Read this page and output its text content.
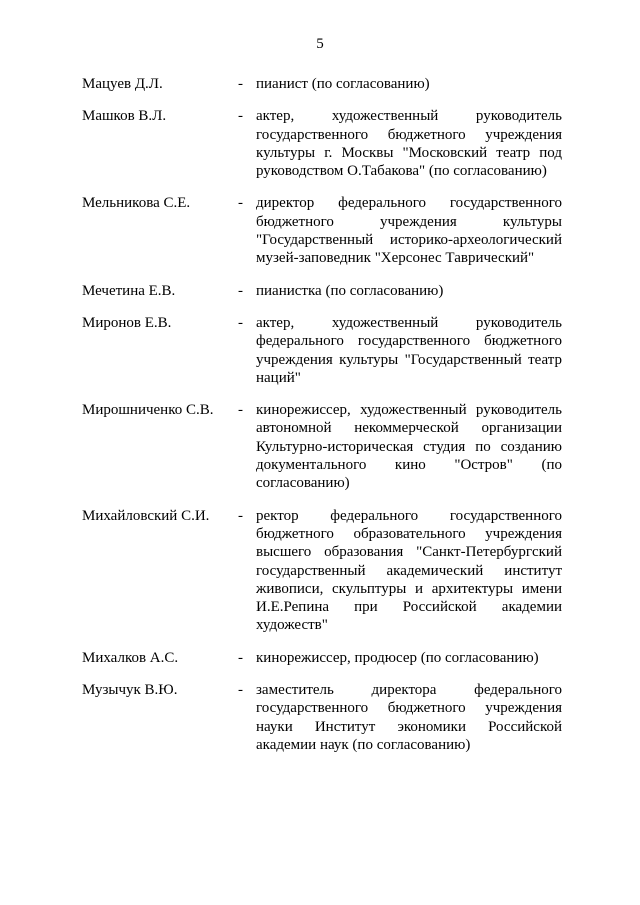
5
Мацуев Д.Л.	- пианист (по согласованию)
Машков В.Л.	- актер, художественный руководитель государственного бюджетного учреждения культуры г. Москвы "Московский театр под руководством О.Табакова" (по согласованию)
Мельникова С.Е.	- директор федерального государственного бюджетного учреждения культуры "Государственный историко-археологический музей-заповедник "Херсонес Таврический"
Мечетина Е.В.	- пианистка (по согласованию)
Миронов Е.В.	- актер, художественный руководитель федерального государственного бюджетного учреждения культуры "Государственный театр наций"
Мирошниченко С.В.	- кинорежиссер, художественный руководитель автономной некоммерческой организации Культурно-историческая студия по созданию документального кино "Остров" (по согласованию)
Михайловский С.И.	- ректор федерального государственного бюджетного образовательного учреждения высшего образования "Санкт-Петербургский государственный академический институт живописи, скульптуры и архитектуры имени И.Е.Репина при Российской академии художеств"
Михалков А.С.	- кинорежиссер, продюсер (по согласованию)
Музычук В.Ю.	- заместитель директора федерального государственного бюджетного учреждения науки Институт экономики Российской академии наук (по согласованию)
